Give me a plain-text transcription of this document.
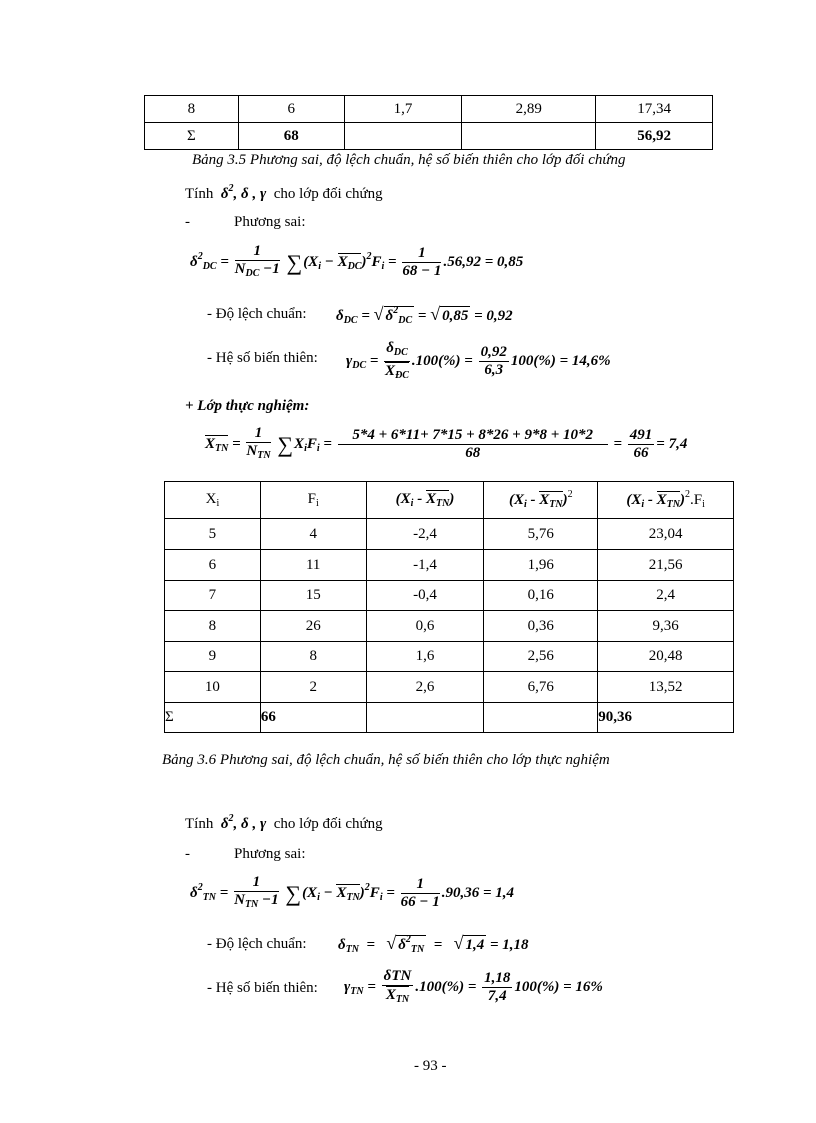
8	6	1,7	2,89	17,34
Σ	68			56,92
Bảng 3.5 Phương sai, độ lệch chuẩn, hệ số biến thiên cho lớp đối chứng
Tính  $\delta^2$, δ , γ  cho lớp đối chứng
-	Phương sai:
$\delta^2_{DC} = \frac{1}{N_{DC} -1} \sum(X_i - X_{DC})^2F_i = \frac{1}{68 - 1} .56,92 = 0,85$
- Độ lệch chuẩn: $\delta_{DC}$ = √ $\delta^2_{DC}$ = √ 0,85 = 0,92
- Hệ số biến thiên: $\gamma_{DC} = \frac{\delta_{DC}}{X_{ĐC}} .100(\%) = \frac{0,92}{6,3} 100(\%) = 14,6\%$
+ Lớp thực nghiệm:
$X_{TN} = \frac{1}{N_{TN}} \sum X_iF_i = \frac{5*4 + 6*11+ 7*15 + 8*26 + 9*8 + 10*2}{68} = \frac{491}{66} = 7,4$
$X_i$	$F_i$	$(X_i - X_{TN})$	$(X_i - X_{TN})^2$	$(X_i - X_{TN})^2.F_i$
5	4	-2,4	5,76	23,04
6	11	-1,4	1,96	21,56
7	15	-0,4	0,16	2,4
8	26	0,6	0,36	9,36
9	8	1,6	2,56	20,48
10	2	2,6	6,76	13,52
Σ	66			90,36
Bảng 3.6 Phương sai, độ lệch chuẩn, hệ số biến thiên cho lớp thực nghiệm
Tính  $\delta^2$, δ , γ  cho lớp đối chứng
-	Phương sai:
$\delta^2_{TN} = \frac{1}{N_{TN} -1} \sum(X_i - X_{TN})^2F_i = \frac{1}{66 - 1} .90,36 = 1,4$
- Độ lệch chuẩn: $\delta_{TN}$  =   √ $\delta^2_{TN}$  =   √ 1,4 = 1,18
- Hệ số biến thiên: $\gamma_{TN} = \frac{\text{δTN}}{X_{TN}} .100(\%) = \frac{1,18}{7,4} 100(\%) = 16\%$
- 93 -
